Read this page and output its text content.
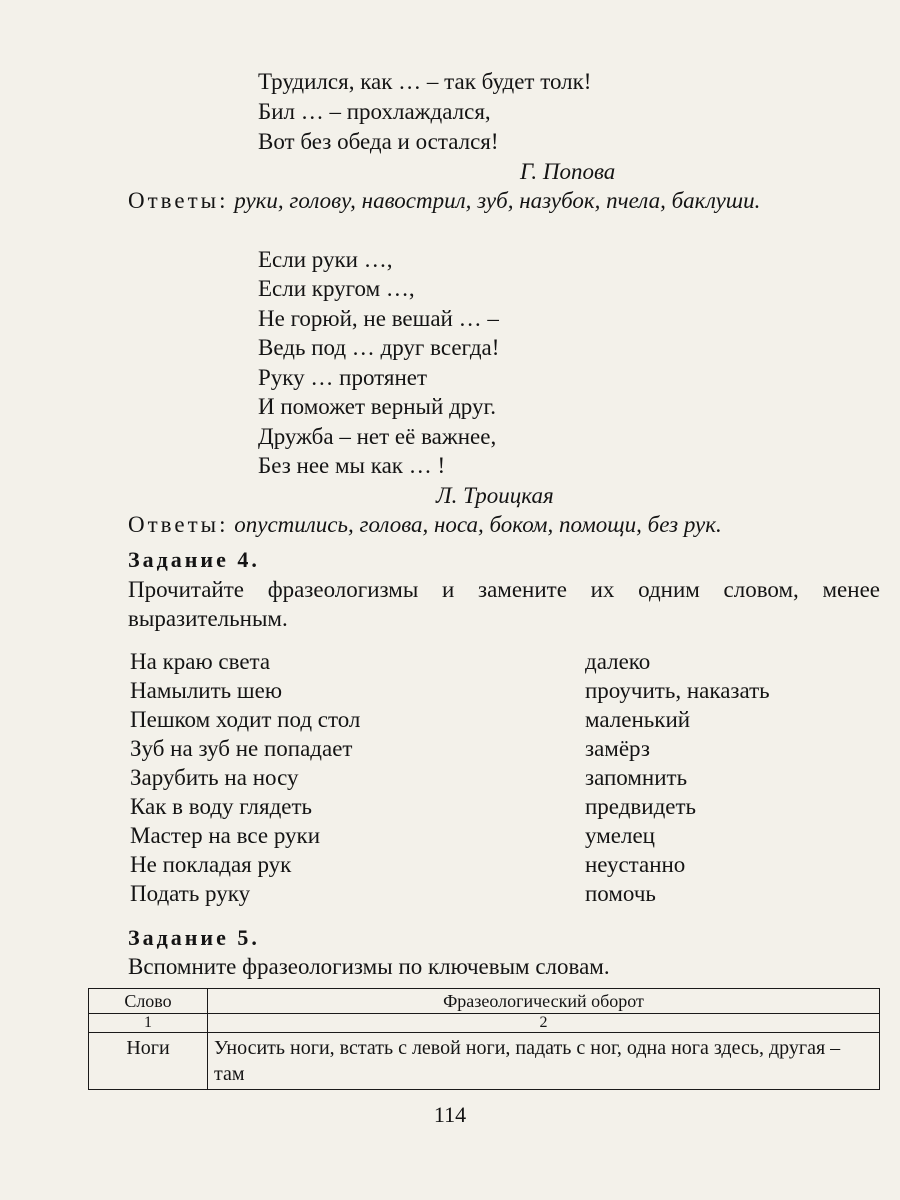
Трудился, как … – так будет толк!
Бил … – прохлаждался,
Вот без обеда и остался!
Г. Попова
Ответы: руки, голову, навострил, зуб, назубок, пчела, баклуши.
Если руки …,
Если кругом …,
Не горюй, не вешай … –
Ведь под … друг всегда!
Руку … протянет
И поможет верный друг.
Дружба – нет её важнее,
Без нее мы как … !
Л. Троицкая
Ответы: опустились, голова, носа, боком, помощи, без рук.
Задание 4.
Прочитайте фразеологизмы и замените их одним словом, менее выразительным.
На краю света	далеко
Намылить шею	проучить, наказать
Пешком ходит под стол	маленький
Зуб на зуб не попадает	замёрз
Зарубить на носу	запомнить
Как в воду глядеть	предвидеть
Мастер на все руки	умелец
Не покладая рук	неустанно
Подать руку	помочь
Задание 5.
Вспомните фразеологизмы по ключевым словам.
Слово	Фразеологический оборот
1	2
Ноги	Уносить ноги, встать с левой ноги, падать с ног, одна нога здесь, другая – там
114
